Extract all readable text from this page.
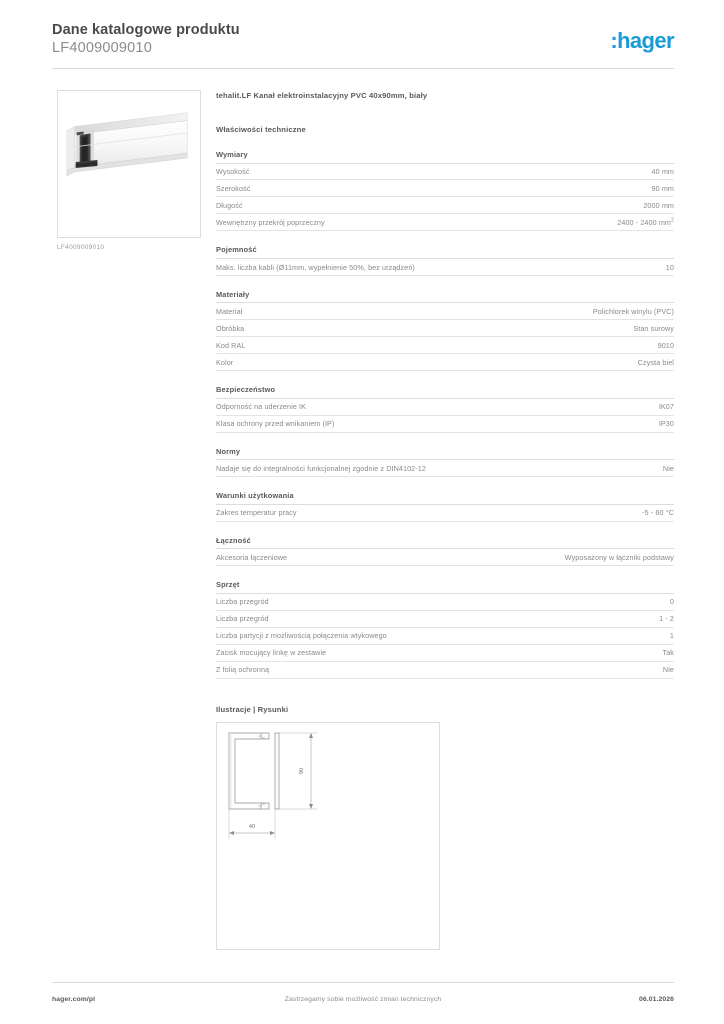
Dane katalogowe produktu
LF4009009010	:hager
LF4009009010
tehalit.LF Kanał elektroinstalacyjny PVC 40x90mm, biały
Właściwości techniczne
Wymiary
Wysokość	40 mm
Szerokość	90 mm
Długość	2000 mm
Wewnętrzny przekrój poprzeczny	2400 - 2400 $mm^2$
Pojemność
Maks. liczba kabli (Ø11mm, wypełnienie 50%, bez urządzeń)	10
Materiały
Materiał	Polichlorek winylu (PVC)
Obróbka	Stan surowy
Kod RAL	9010
Kolor	Czysta biel
Bezpieczeństwo
Odporność na uderzenie IK	IK07
Klasa ochrony przed wnikaniem (IP)	IP30
Normy
Nadaje się do integralności funkcjonalnej zgodnie z DIN4102-12	Nie
Warunki użytkowania
Zakres temperatur pracy	-5 - 60 °C
Łączność
Akcesoria łączeniowe	Wyposażony w łączniki podstawy
Sprzęt
Liczba przegród	0
Liczba przegród	1 - 2
Liczba partycji z możliwością połączenia wtykowego	1
Zacisk mocujący linkę w zestawie	Tak
Z folią ochronną	Nie
Ilustracje | Rysunki
90
40
hager.com/pl	Zastrzegamy sobie możliwość zmian technicznych	06.01.2026
